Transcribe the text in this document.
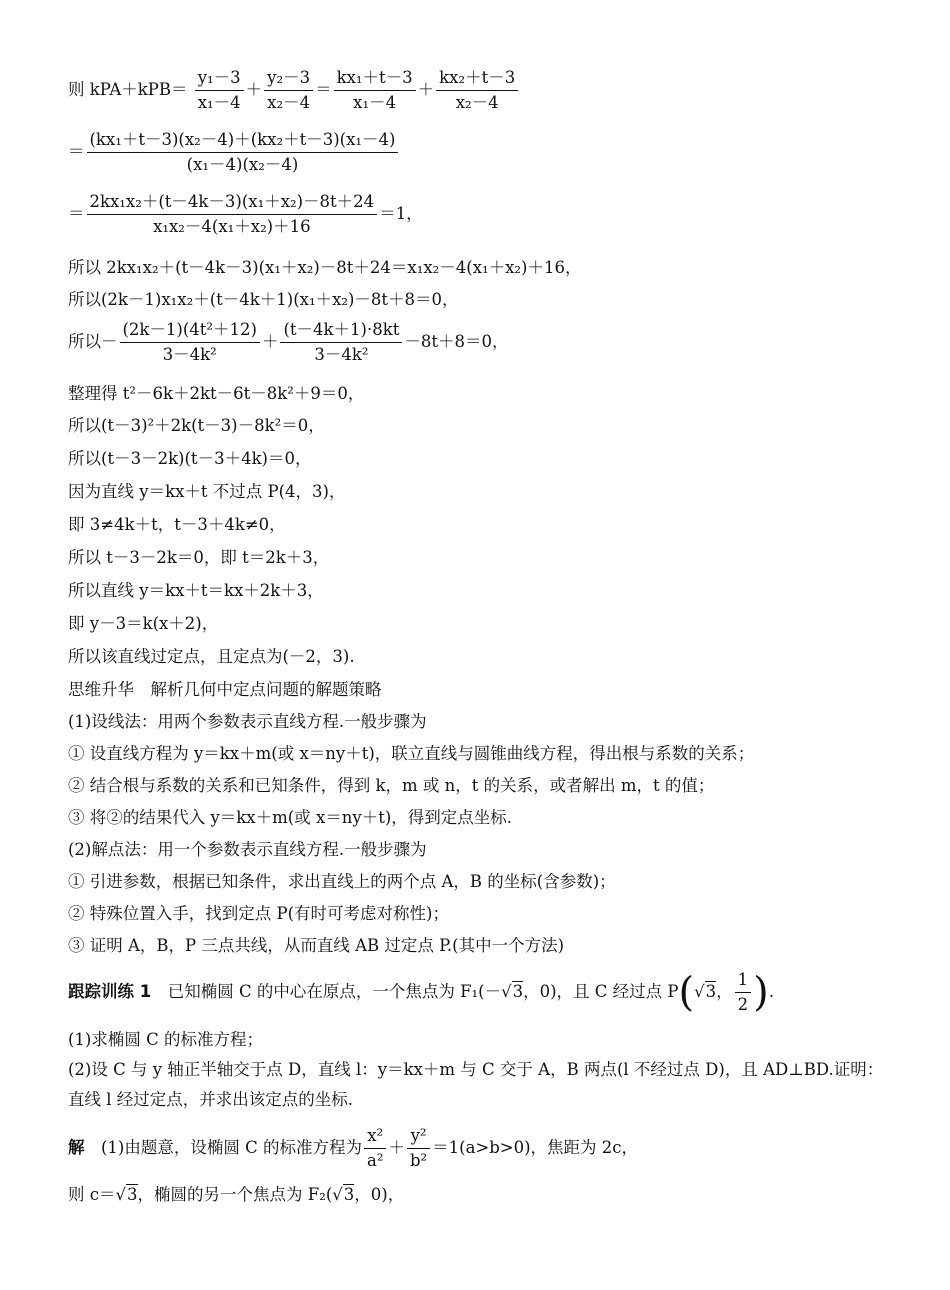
则 $kPA+kPB= \frac{\text{y₁－3}}{\text{x₁－4}} + \frac{\text{y₂－3}}{\text{x₂－4}} = \frac{\text{kx₁＋t－3}}{\text{x₁－4}} + \frac{\text{kx₂＋t－3}}{\text{x₂－4}}$
＝ $\frac{\text{(kx₁＋t－3)(x₂－4)＋(kx₂＋t－3)(x₁－4)}}{\text{(x₁－4)(x₂－4)}}$
＝ $\frac{\text{2kx₁x₂＋(t－4k－3)(x₁＋x₂)－8t＋24}}{\text{x₁x₂－4(x₁＋x₂)＋16}} =1$，
所以 2kx₁x₂＋(t－4k－3)(x₁＋x₂)－8t＋24＝x₁x₂－4(x₁＋x₂)＋16，
所以(2k－1)x₁x₂＋(t－4k＋1)(x₁＋x₂)－8t＋8＝0，
所以－ $\frac{\text{(2k－1)(4t²＋12)}}{\text{3－4k²}} + \frac{(t-4k+1)\cdot 8kt}{\text{3－4k²}} -8t+8=0$，
整理得 t²－6k＋2kt－6t－8k²＋9＝0，
所以(t－3)²＋2k(t－3)－8k²＝0，
所以(t－3－2k)(t－3＋4k)＝0，
因为直线 y＝kx＋t 不过点 P(4，3)，
即 3≠4k＋t，t－3＋4k≠0，
所以 t－3－2k＝0，即 t＝2k＋3，
所以直线 y＝kx＋t＝kx＋2k＋3，
即 y－3＝k(x＋2)，
所以该直线过定点，且定点为(－2，3).
思维升华　解析几何中定点问题的解题策略
(1)设线法：用两个参数表示直线方程.一般步骤为
① 设直线方程为 y＝kx＋m(或 x＝ny＋t)，联立直线与圆锥曲线方程，得出根与系数的关系；
② 结合根与系数的关系和已知条件，得到 k，m 或 n，t 的关系，或者解出 m，t 的值；
③ 将②的结果代入 y＝kx＋m(或 x＝ny＋t)，得到定点坐标.
(2)解点法：用一个参数表示直线方程.一般步骤为
① 引进参数，根据已知条件，求出直线上的两个点 A，B 的坐标(含参数)；
② 特殊位置入手，找到定点 P(有时可考虑对称性)；
③ 证明 A，B，P 三点共线，从而直线 AB 过定点 P.(其中一个方法)
跟踪训练 1　已知椭圆 C 的中心在原点，一个焦点为 F₁(－√3，0)，且 C 经过点 P(√3， $\frac{1}{2}$ ).
(1)求椭圆 C 的标准方程；
(2)设 C 与 y 轴正半轴交于点 D，直线 l：y＝kx＋m 与 C 交于 A，B 两点(l 不经过点 D)，且 AD⊥BD.证明：
直线 l 经过定点，并求出该定点的坐标.
解　(1)由题意，设椭圆 C 的标准方程为 $\frac{\text{x²}}{\text{a²}} + \frac{\text{y²}}{\text{b²}} =1(a>b>0)$，焦距为 2c，
则 c＝√3，椭圆的另一个焦点为 F₂(√3，0)，
